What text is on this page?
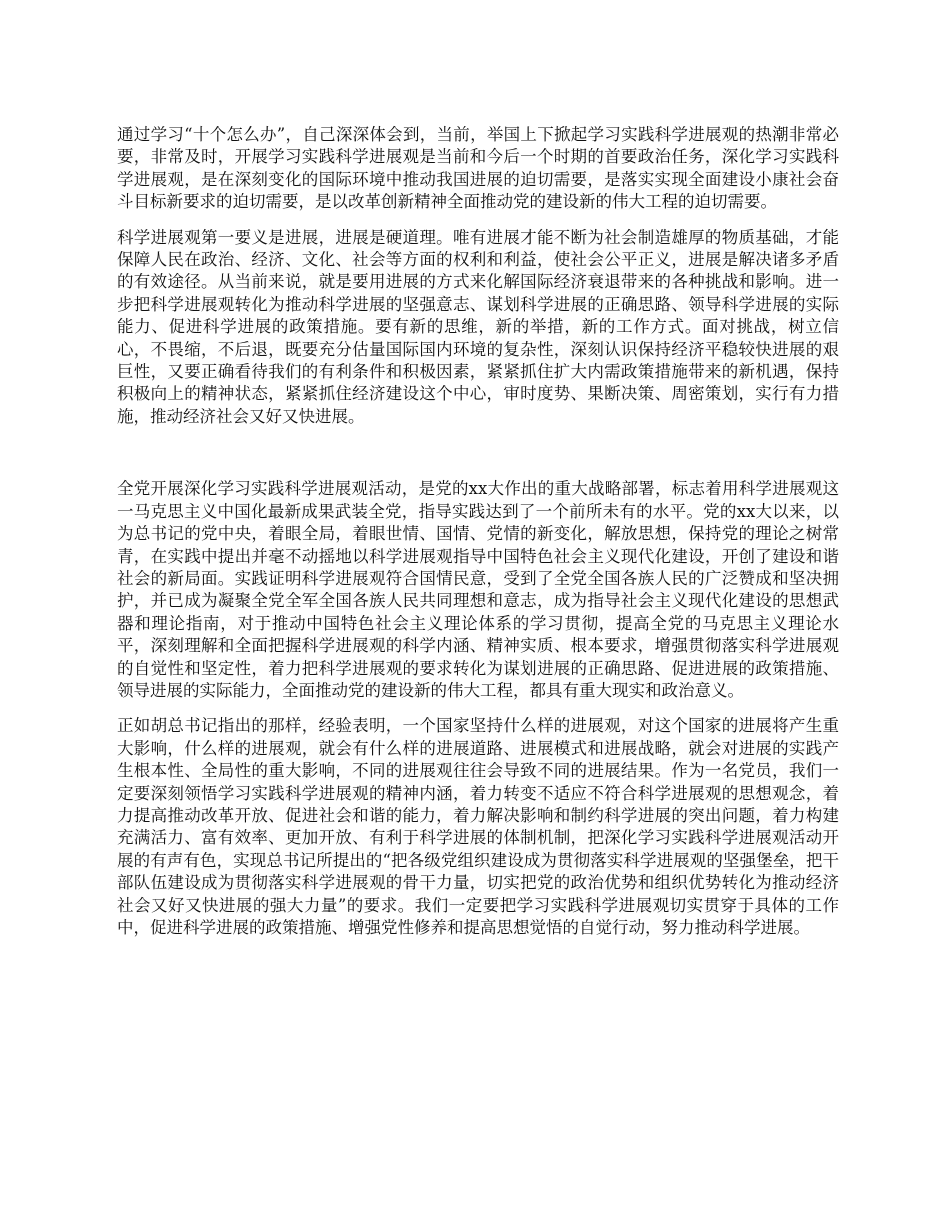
通过学习“十个怎么办”，自己深深体会到，当前，举国上下掀起学习实践科学进展观的热潮非常必要，非常及时，开展学习实践科学进展观是当前和今后一个时期的首要政治任务，深化学习实践科学进展观，是在深刻变化的国际环境中推动我国进展的迫切需要，是落实实现全面建设小康社会奋斗目标新要求的迫切需要，是以改革创新精神全面推动党的建设新的伟大工程的迫切需要。

科学进展观第一要义是进展，进展是硬道理。唯有进展才能不断为社会制造雄厚的物质基础，才能保障人民在政治、经济、文化、社会等方面的权利和利益，使社会公平正义，进展是解决诸多矛盾的有效途径。从当前来说，就是要用进展的方式来化解国际经济衰退带来的各种挑战和影响。进一步把科学进展观转化为推动科学进展的坚强意志、谋划科学进展的正确思路、领导科学进展的实际能力、促进科学进展的政策措施。要有新的思维，新的举措，新的工作方式。面对挑战，树立信心，不畏缩，不后退，既要充分估量国际国内环境的复杂性，深刻认识保持经济平稳较快进展的艰巨性，又要正确看待我们的有利条件和积极因素，紧紧抓住扩大内需政策措施带来的新机遇，保持积极向上的精神状态，紧紧抓住经济建设这个中心，审时度势、果断决策、周密策划，实行有力措施，推动经济社会又好又快进展。

全党开展深化学习实践科学进展观活动，是党的xx大作出的重大战略部署，标志着用科学进展观这一马克思主义中国化最新成果武装全党，指导实践达到了一个前所未有的水平。党的xx大以来，以为总书记的党中央，着眼全局，着眼世情、国情、党情的新变化，解放思想，保持党的理论之树常青，在实践中提出并毫不动摇地以科学进展观指导中国特色社会主义现代化建设，开创了建设和谐社会的新局面。实践证明科学进展观符合国情民意，受到了全党全国各族人民的广泛赞成和坚决拥护，并已成为凝聚全党全军全国各族人民共同理想和意志，成为指导社会主义现代化建设的思想武器和理论指南，对于推动中国特色社会主义理论体系的学习贯彻，提高全党的马克思主义理论水平，深刻理解和全面把握科学进展观的科学内涵、精神实质、根本要求，增强贯彻落实科学进展观的自觉性和坚定性，着力把科学进展观的要求转化为谋划进展的正确思路、促进进展的政策措施、领导进展的实际能力，全面推动党的建设新的伟大工程，都具有重大现实和政治意义。

正如胡总书记指出的那样，经验表明，一个国家坚持什么样的进展观，对这个国家的进展将产生重大影响，什么样的进展观，就会有什么样的进展道路、进展模式和进展战略，就会对进展的实践产生根本性、全局性的重大影响，不同的进展观往往会导致不同的进展结果。作为一名党员，我们一定要深刻领悟学习实践科学进展观的精神内涵，着力转变不适应不符合科学进展观的思想观念，着力提高推动改革开放、促进社会和谐的能力，着力解决影响和制约科学进展的突出问题，着力构建充满活力、富有效率、更加开放、有利于科学进展的体制机制，把深化学习实践科学进展观活动开展的有声有色，实现总书记所提出的“把各级党组织建设成为贯彻落实科学进展观的坚强堡垒，把干部队伍建设成为贯彻落实科学进展观的骨干力量，切实把党的政治优势和组织优势转化为推动经济社会又好又快进展的强大力量”的要求。我们一定要把学习实践科学进展观切实贯穿于具体的工作中，促进科学进展的政策措施、增强党性修养和提高思想觉悟的自觉行动，努力推动科学进展。
